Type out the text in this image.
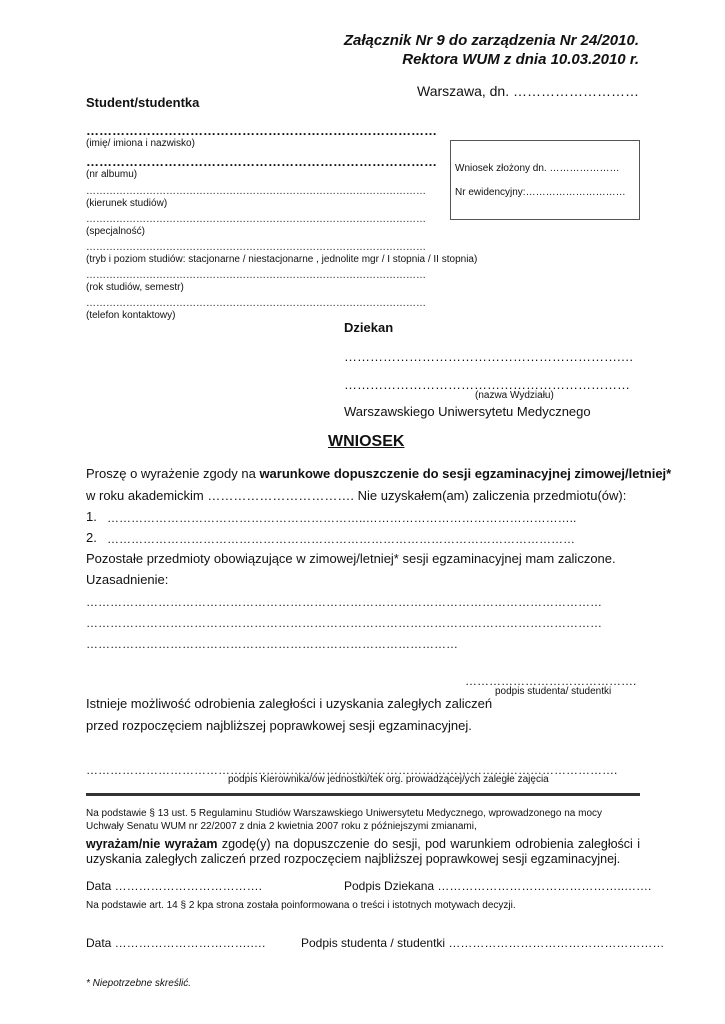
Załącznik Nr 9 do zarządzenia Nr 24/2010.
Rektora WUM z dnia 10.03.2010 r.
Warszawa, dn. ………………………
Student/studentka
………………………………………………………………………
(imię/ imiona i nazwisko)
………………………………………………………………………
(nr albumu)
…………………………………………………………………………………………
(kierunek studiów)
…………………………………………………………………………………………
(specjalność)
…………………………………………………………………………………………
(tryb i poziom studiów: stacjonarne / niestacjonarne , jednolite mgr / I stopnia / II stopnia)
…………………………………………………………………………………………
(rok studiów, semestr)
…………………………………………………………………………………………
(telefon kontaktowy)
Wniosek złożony dn. …………………
Nr ewidencyjny:…………………………
Dziekan
……………………………………………………….…
…………………………………………………………
(nazwa Wydziału)
Warszawskiego Uniwersytetu Medycznego
WNIOSEK
Proszę o wyrażenie zgody na warunkowe dopuszczenie do sesji egzaminacyjnej zimowej/letniej*
w roku akademickim ……………………………. Nie uzyskałem(am) zaliczenia przedmiotu(ów):
1. ………………………………………………………..……………………………………………..
2. ………………………………………………………………………………………………………
Pozostałe przedmioty obowiązujące w zimowej/letniej* sesji egzaminacyjnej mam zaliczone.
Uzasadnienie:
…………………………………………………………………………………………………………………
…………………………………………………………………………………………………………………
…………………………………………………………………………………
…………………………………….
podpis studenta/ studentki
Istnieje możliwość odrobienia zaległości i uzyskania zaległych zaliczeń
przed rozpoczęciem najbliższej poprawkowej sesji egzaminacyjnej.
…………………………………………………………………………………………………………………….
podpis Kierownika/ów jednostki/tek org. prowadzącej/ych zaległe zajęcia
Na podstawie § 13 ust. 5 Regulaminu Studiów Warszawskiego Uniwersytetu Medycznego, wprowadzonego na mocy Uchwały Senatu WUM nr 22/2007 z dnia 2 kwietnia 2007 roku z późniejszymi zmianami,
wyrażam/nie wyrażam zgodę(y) na dopuszczenie do sesji, pod warunkiem odrobienia zaległości i uzyskania zaległych zaliczeń przed rozpoczęciem najbliższej poprawkowej sesji egzaminacyjnej.
Data ……………………………….	Podpis Dziekana ………………………………………..…….
Na podstawie art. 14 § 2 kpa strona została poinformowana o treści i istotnych motywach decyzji.
Data …………………………….….	Podpis studenta / studentki ………………………………………………
* Niepotrzebne skreślić.
